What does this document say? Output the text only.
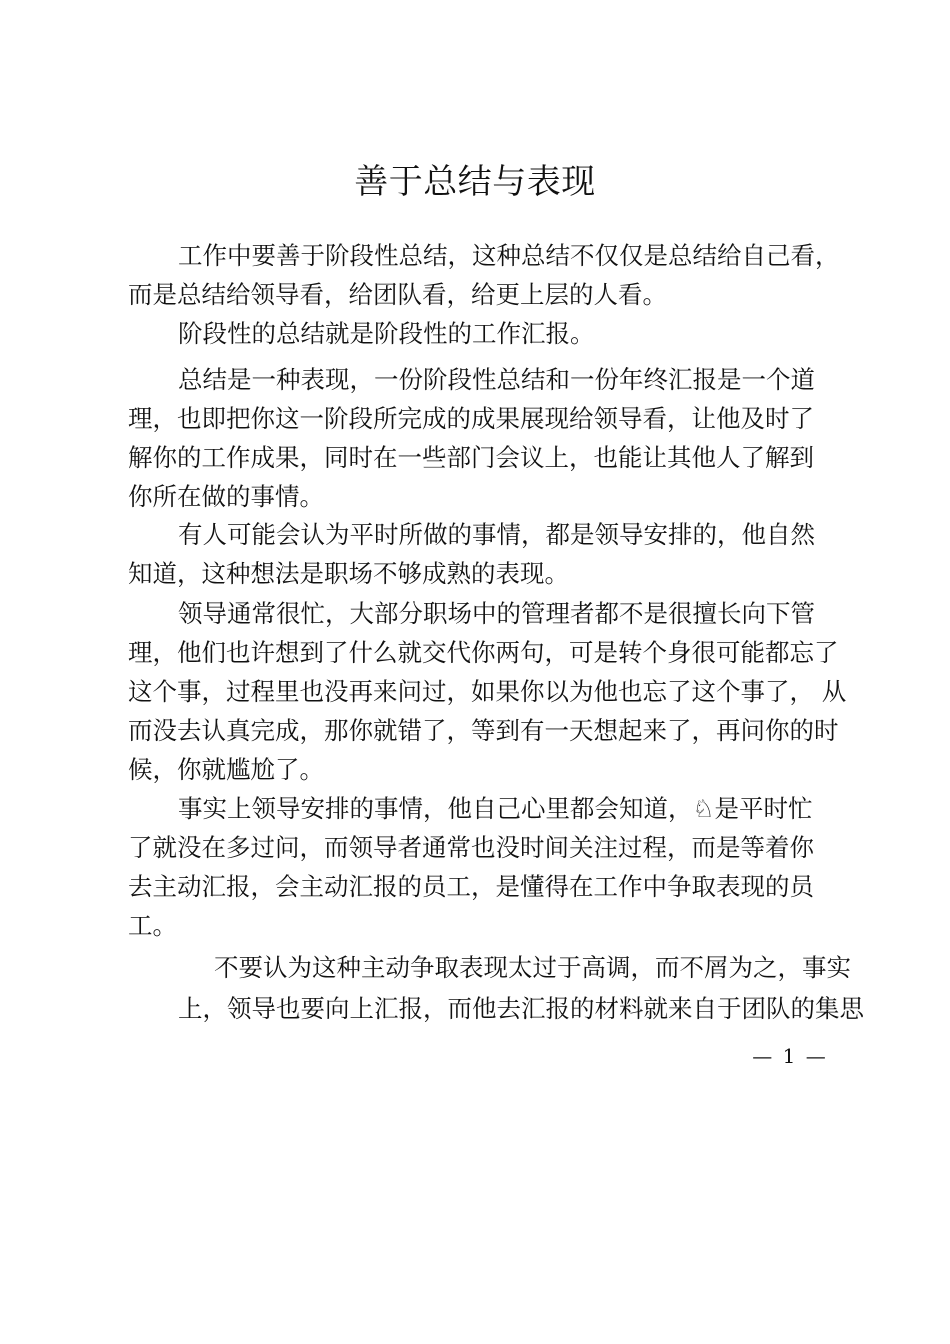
善于总结与表现
工作中要善于阶段性总结，这种总结不仅仅是总结给自己看，
而是总结给领导看，给团队看，给更上层的人看。
阶段性的总结就是阶段性的工作汇报。
总结是一种表现，一份阶段性总结和一份年终汇报是一个道
理，也即把你这一阶段所完成的成果展现给领导看，让他及时了
解你的工作成果，同时在一些部门会议上，也能让其他人了解到
你所在做的事情。
有人可能会认为平时所做的事情，都是领导安排的，他自然
知道，这种想法是职场不够成熟的表现。
领导通常很忙，大部分职场中的管理者都不是很擅长向下管
理，他们也许想到了什么就交代你两句，可是转个身很可能都忘了
这个事，过程里也没再来问过，如果你以为他也忘了这个事了， 从
而没去认真完成，那你就错了，等到有一天想起来了，再问你的时
候，你就尴尬了。
事实上领导安排的事情，他自己心里都会知道，♘是平时忙
了就没在多过问，而领导者通常也没时间关注过程，而是等着你
去主动汇报，会主动汇报的员工，是懂得在工作中争取表现的员
工。
不要认为这种主动争取表现太过于高调，而不屑为之，事实
上，领导也要向上汇报，而他去汇报的材料就来自于团队的集思
— 1 —
